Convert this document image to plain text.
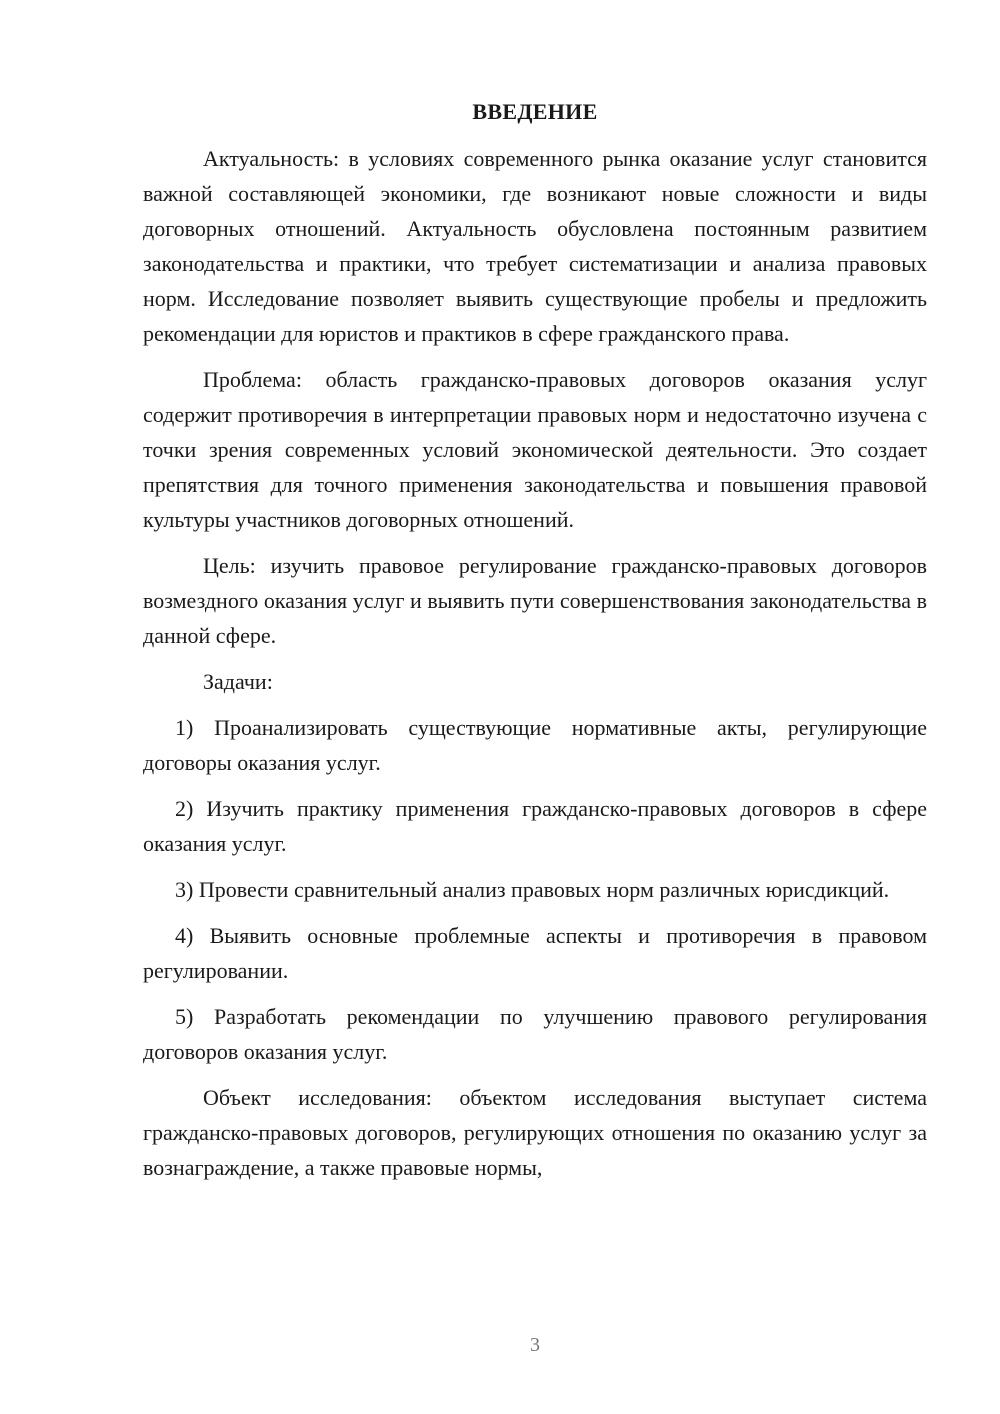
ВВЕДЕНИЕ

Актуальность: в условиях современного рынка оказание услуг становится важной составляющей экономики, где возникают новые сложности и виды договорных отношений. Актуальность обусловлена постоянным развитием законодательства и практики, что требует систематизации и анализа правовых норм. Исследование позволяет выявить существующие пробелы и предложить рекомендации для юристов и практиков в сфере гражданского права.

Проблема: область гражданско-правовых договоров оказания услуг содержит противоречия в интерпретации правовых норм и недостаточно изучена с точки зрения современных условий экономической деятельности. Это создает препятствия для точного применения законодательства и повышения правовой культуры участников договорных отношений.

Цель: изучить правовое регулирование гражданско-правовых договоров возмездного оказания услуг и выявить пути совершенствования законодательства в данной сфере.

Задачи:

1) Проанализировать существующие нормативные акты, регулирующие договоры оказания услуг.

2) Изучить практику применения гражданско-правовых договоров в сфере оказания услуг.

3) Провести сравнительный анализ правовых норм различных юрисдикций.

4) Выявить основные проблемные аспекты и противоречия в правовом регулировании.

5) Разработать рекомендации по улучшению правового регулирования договоров оказания услуг.

Объект исследования: объектом исследования выступает система гражданско-правовых договоров, регулирующих отношения по оказанию услуг за вознаграждение, а также правовые нормы,

3
